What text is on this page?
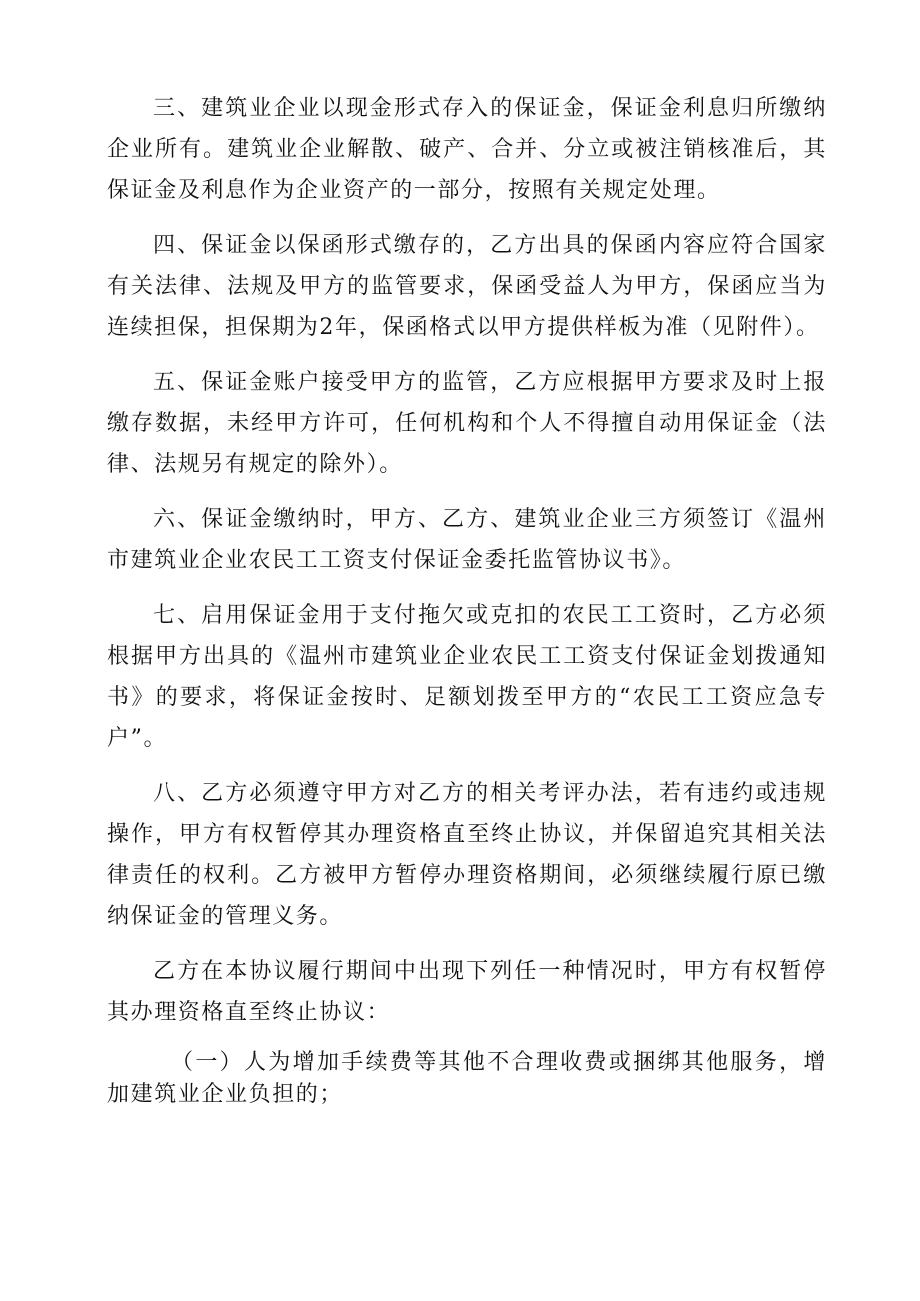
三、建筑业企业以现金形式存入的保证金，保证金利息归所缴纳企业所有。建筑业企业解散、破产、合并、分立或被注销核准后，其保证金及利息作为企业资产的一部分，按照有关规定处理。

四、保证金以保函形式缴存的，乙方出具的保函内容应符合国家有关法律、法规及甲方的监管要求，保函受益人为甲方，保函应当为连续担保，担保期为2年，保函格式以甲方提供样板为准（见附件）。

五、保证金账户接受甲方的监管，乙方应根据甲方要求及时上报缴存数据，未经甲方许可，任何机构和个人不得擅自动用保证金（法律、法规另有规定的除外）。

六、保证金缴纳时，甲方、乙方、建筑业企业三方须签订《温州市建筑业企业农民工工资支付保证金委托监管协议书》。

七、启用保证金用于支付拖欠或克扣的农民工工资时，乙方必须根据甲方出具的《温州市建筑业企业农民工工资支付保证金划拨通知书》的要求，将保证金按时、足额划拨至甲方的“农民工工资应急专户”。

八、乙方必须遵守甲方对乙方的相关考评办法，若有违约或违规操作，甲方有权暂停其办理资格直至终止协议，并保留追究其相关法律责任的权利。乙方被甲方暂停办理资格期间，必须继续履行原已缴纳保证金的管理义务。

乙方在本协议履行期间中出现下列任一种情况时，甲方有权暂停其办理资格直至终止协议：

（一）人为增加手续费等其他不合理收费或捆绑其他服务，增加建筑业企业负担的；
